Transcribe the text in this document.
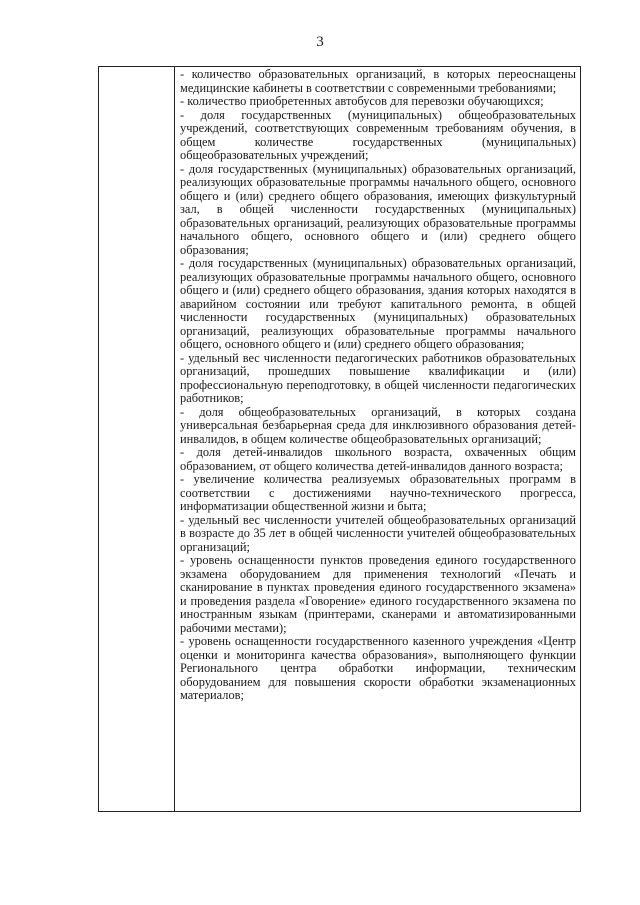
3

- количество образовательных организаций, в которых переоснащены медицинские кабинеты в соответствии с современными требованиями;

- количество приобретенных автобусов для перевозки обучающихся;

- доля государственных (муниципальных) общеобразовательных учреждений, соответствующих современным требованиям обучения, в общем количестве государственных (муниципальных) общеобразовательных учреждений;

- доля государственных (муниципальных) образовательных организаций, реализующих образовательные программы начального общего, основного общего и (или) среднего общего образования, имеющих физкультурный зал, в общей численности государственных (муниципальных) образовательных организаций, реализующих образовательные программы начального общего, основного общего и (или) среднего общего образования;

- доля государственных (муниципальных) образовательных организаций, реализующих образовательные программы начального общего, основного общего и (или) среднего общего образования, здания которых находятся в аварийном состоянии или требуют капитального ремонта, в общей численности государственных (муниципальных) образовательных организаций, реализующих образовательные программы начального общего, основного общего и (или) среднего общего образования;

- удельный вес численности педагогических работников образовательных организаций, прошедших повышение квалификации и (или) профессиональную переподготовку, в общей численности педагогических работников;

- доля общеобразовательных организаций, в которых создана универсальная безбарьерная среда для инклюзивного образования детей-инвалидов, в общем количестве общеобразовательных организаций;

- доля детей-инвалидов школьного возраста, охваченных общим образованием, от общего количества детей-инвалидов данного возраста;

- увеличение количества реализуемых образовательных программ в соответствии с достижениями научно-технического прогресса, информатизации общественной жизни и быта;

- удельный вес численности учителей общеобразовательных организаций в возрасте до 35 лет в общей численности учителей общеобразовательных организаций;

- уровень оснащенности пунктов проведения единого государственного экзамена оборудованием для применения технологий «Печать и сканирование в пунктах проведения единого государственного экзамена» и проведения раздела «Говорение» единого государственного экзамена по иностранным языкам (принтерами, сканерами и автоматизированными рабочими местами);

- уровень оснащенности государственного казенного учреждения «Центр оценки и мониторинга качества образования», выполняющего функции Регионального центра обработки информации, техническим оборудованием для повышения скорости обработки экзаменационных материалов;
